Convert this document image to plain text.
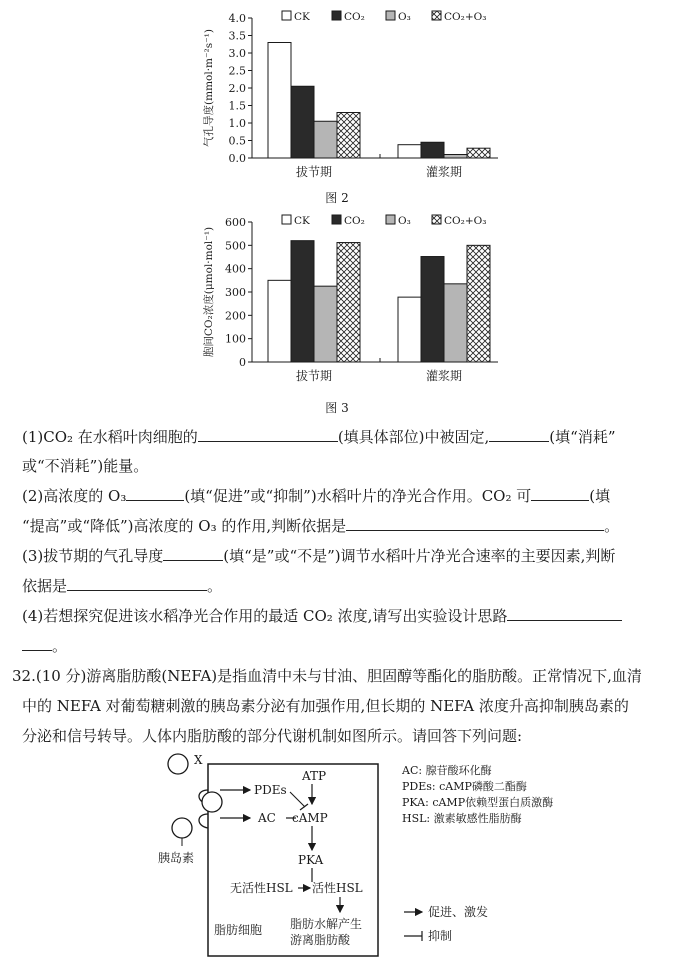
气孔导度(mmol·m⁻²s⁻¹)
0.0
0.5
1.0
1.5
2.0
2.5
3.0
3.5
4.0
拔节期	灌浆期
CK	CO₂	O₃	CO₂+O₃
图 2
胞间CO₂浓度(μmol·mol⁻¹)
0
100
200
300
400
500
600
拔节期	灌浆期
CK	CO₂	O₃	CO₂+O₃
图 3
(1)CO₂ 在水稻叶肉细胞的	(填具体部位)中被固定,	(填“消耗”
或“不消耗”)能量。
(2)高浓度的 O₃	(填“促进”或“抑制”)水稻叶片的净光合作用。CO₂ 可	(填
“提高”或“降低”)高浓度的 O₃ 的作用,判断依据是	。
(3)拔节期的气孔导度	(填“是”或“不是”)调节水稻叶片净光合速率的主要因素,判断
依据是	。
(4)若想探究促进该水稻净光合作用的最适 CO₂ 浓度,请写出实验设计思路
。
32.(10 分)游离脂肪酸(NEFA)是指血清中未与甘油、胆固醇等酯化的脂肪酸。正常情况下,血清
中的 NEFA 对葡萄糖刺激的胰岛素分泌有加强作用,但长期的 NEFA 浓度升高抑制胰岛素的
分泌和信号转导。人体内脂肪酸的部分代谢机制如图所示。请回答下列问题:
X
胰岛素
PDEs
AC
ATP
cAMP
PKA
无活性HSL 活性HSL
脂肪水解产生
游离脂肪酸
脂肪细胞
AC: 腺苷酸环化酶
PDEs: cAMP磷酸二酯酶
PKA: cAMP依赖型蛋白质激酶
HSL: 激素敏感性脂肪酶
促进、激发
抑制
